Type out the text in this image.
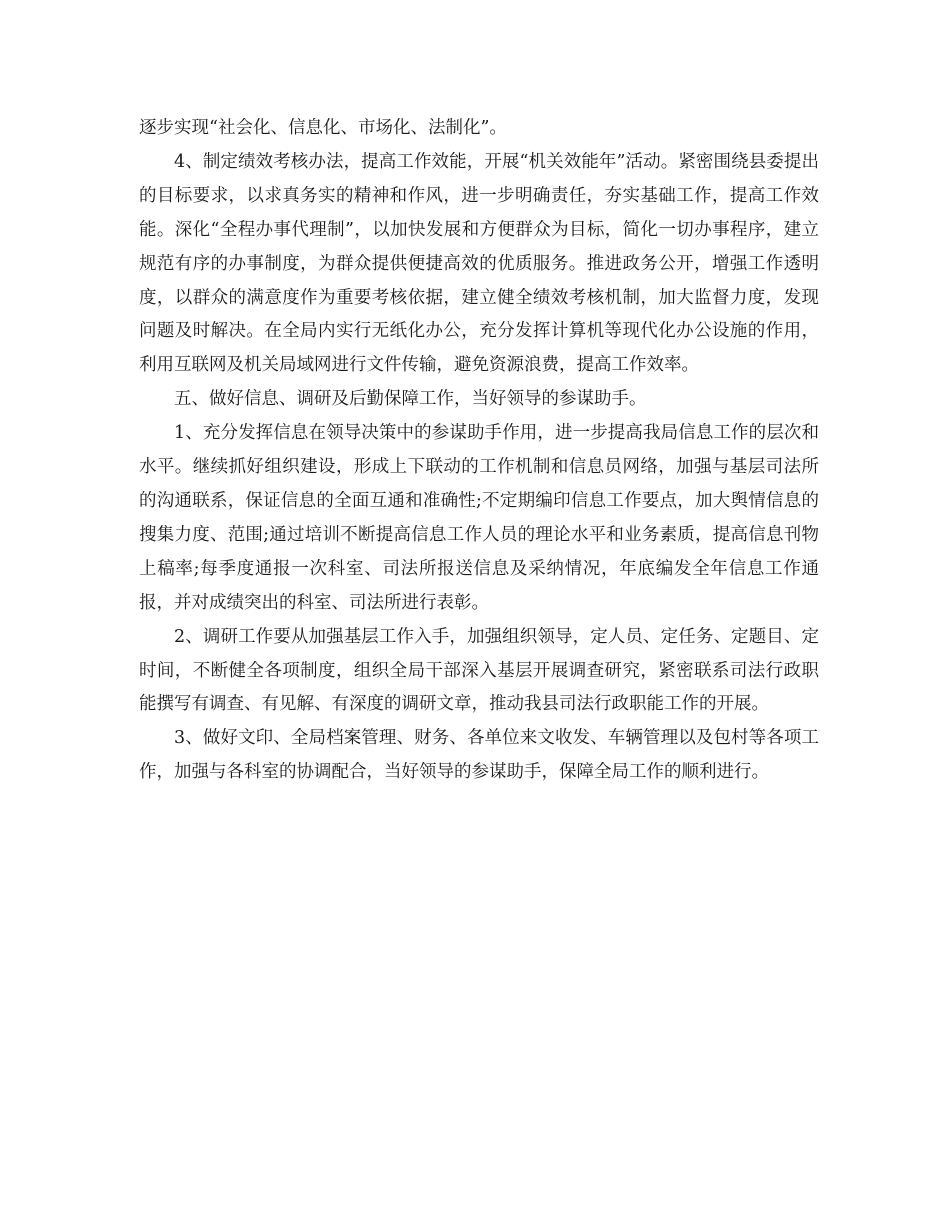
逐步实现“社会化、信息化、市场化、法制化”。

4、制定绩效考核办法，提高工作效能，开展“机关效能年”活动。紧密围绕县委提出的目标要求，以求真务实的精神和作风，进一步明确责任，夯实基础工作，提高工作效能。深化“全程办事代理制”，以加快发展和方便群众为目标，简化一切办事程序，建立规范有序的办事制度，为群众提供便捷高效的优质服务。推进政务公开，增强工作透明度，以群众的满意度作为重要考核依据，建立健全绩效考核机制，加大监督力度，发现问题及时解决。在全局内实行无纸化办公，充分发挥计算机等现代化办公设施的作用，利用互联网及机关局域网进行文件传输，避免资源浪费，提高工作效率。

五、做好信息、调研及后勤保障工作，当好领导的参谋助手。

1、充分发挥信息在领导决策中的参谋助手作用，进一步提高我局信息工作的层次和水平。继续抓好组织建设，形成上下联动的工作机制和信息员网络，加强与基层司法所的沟通联系，保证信息的全面互通和准确性;不定期编印信息工作要点，加大舆情信息的搜集力度、范围;通过培训不断提高信息工作人员的理论水平和业务素质，提高信息刊物上稿率;每季度通报一次科室、司法所报送信息及采纳情况，年底编发全年信息工作通报，并对成绩突出的科室、司法所进行表彰。

2、调研工作要从加强基层工作入手，加强组织领导，定人员、定任务、定题目、定时间，不断健全各项制度，组织全局干部深入基层开展调查研究，紧密联系司法行政职能撰写有调查、有见解、有深度的调研文章，推动我县司法行政职能工作的开展。

3、做好文印、全局档案管理、财务、各单位来文收发、车辆管理以及包村等各项工作，加强与各科室的协调配合，当好领导的参谋助手，保障全局工作的顺利进行。
